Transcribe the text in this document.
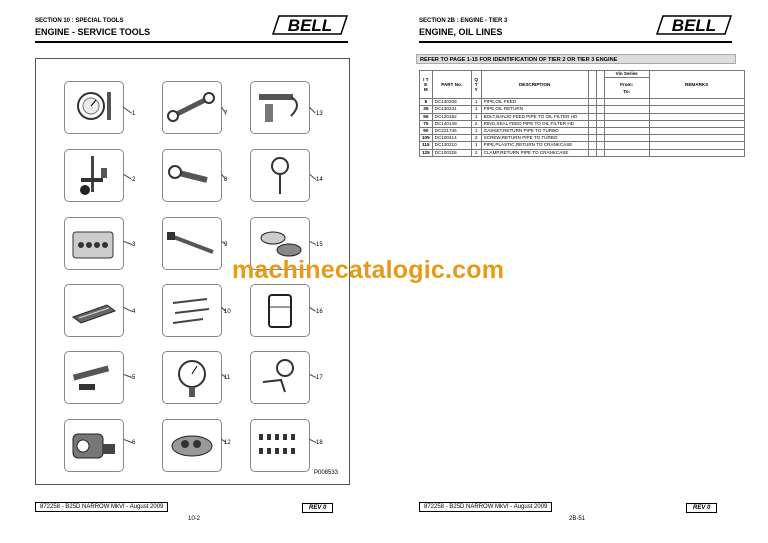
SECTION 10 : SPECIAL TOOLS
ENGINE - SERVICE TOOLS	BELL
1
2
3
4
5
6
7
8
9
10
11
12
13
14
15
16
17
18
P008533
872258 - B25D NARROW MkVI - August 2009	REV 0
10-2
SECTION 2B : ENGINE - TIER 3
ENGINE, OIL LINES	BELL
REFER TO PAGE 1-15 FOR IDENTIFICATION OF TIER 2 OR TIER 3 ENGINE
I T E M	PART No.	Q T Y	DESCRIPTION			Vin Series	REMARKS
						From:
To:	
8	DC130208	1	PIPE,OIL FEED				
35	DC130231	1	PIPE,OIL RETURN				
55	DC120182	1	BOLT,BANJO FEED PIPE TO OIL FILTER HD				
70	DC140149	2	RING,SEAL FEED PIPE TO OIL FILTER HD				
90	DC221746	1	GASKET,RETURN PIPE TO TURBO				
105	DC100414	2	SCREW,RETURN PIPE TO TURBO				
115	DC130210	1	PIPE,PLASTIC,RETURN TO CRANKCASE				
125	DC100326	2	CLAMP,RETURN PIPE TO CRANKCASE				
872258 - B25D NARROW MkVI - August 2009	REV 0
2B-51
machinecatalogic.com
